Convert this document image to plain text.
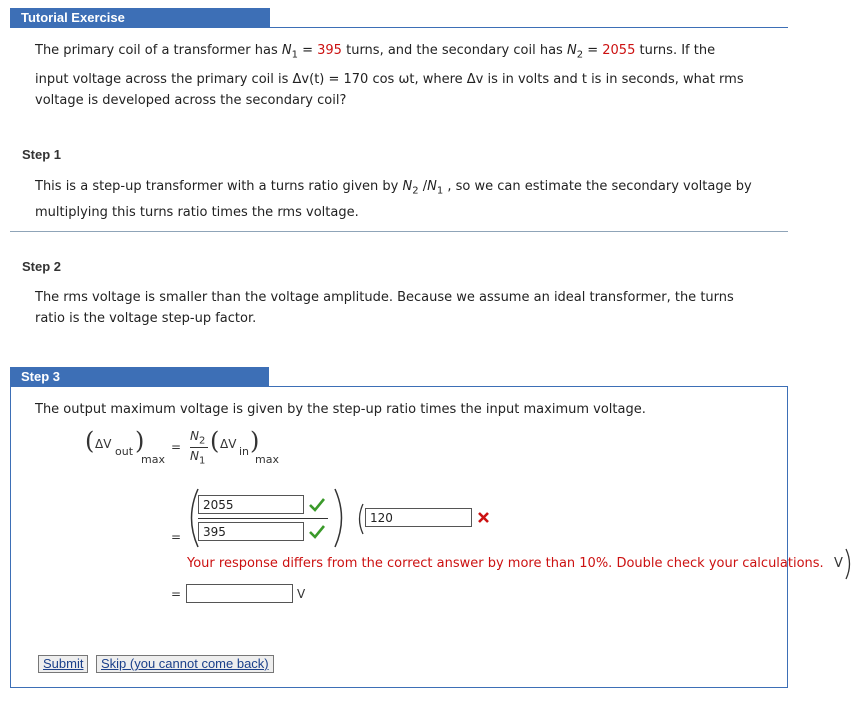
Tutorial Exercise
The primary coil of a transformer has $N_1 = 395$ turns, and the secondary coil has $N_2 = 2055$ turns. If the
input voltage across the primary coil is Δv(t) = 170 cos ωt, where Δv is in volts and t is in seconds, what rms
voltage is developed across the secondary coil?
Step 1
This is a step-up transformer with a turns ratio given by $N_2$ $/N_1$ , so we can estimate the secondary voltage by
multiplying this turns ratio times the rms voltage.
Step 2
The rms voltage is smaller than the voltage amplitude. Because we assume an ideal transformer, the turns
ratio is the voltage step-up factor.
Step 3
The output maximum voltage is given by the step-up ratio times the input maximum voltage.
( ΔV
out )
max
=
$N_2$
$N_1$
( ΔV
in )
max
2055
395
=
120
Your response differs from the correct answer by more than 10%. Double check your calculations. V
=	V
Submit	Skip (you cannot come back)
